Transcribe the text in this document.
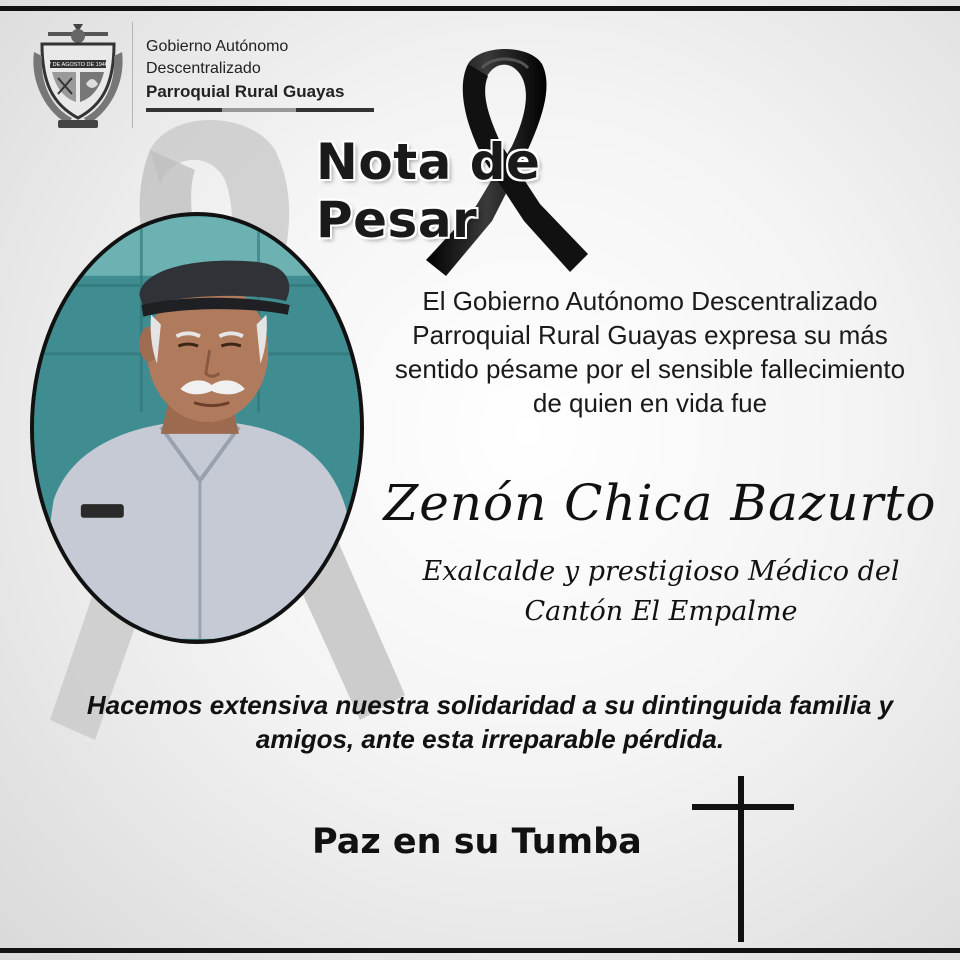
7 DE AGOSTO DE 1946
Gobierno Autónomo
Descentralizado
Parroquial Rural Guayas
Nota de Pesar
El Gobierno Autónomo Descentralizado Parroquial Rural Guayas expresa su más sentido pésame por el sensible fallecimiento de quien en vida fue
Zenón Chica Bazurto
Exalcalde y prestigioso Médico del Cantón El Empalme
Hacemos extensiva nuestra solidaridad a su dintinguida familia y amigos, ante esta irreparable pérdida.
Paz en su Tumba
